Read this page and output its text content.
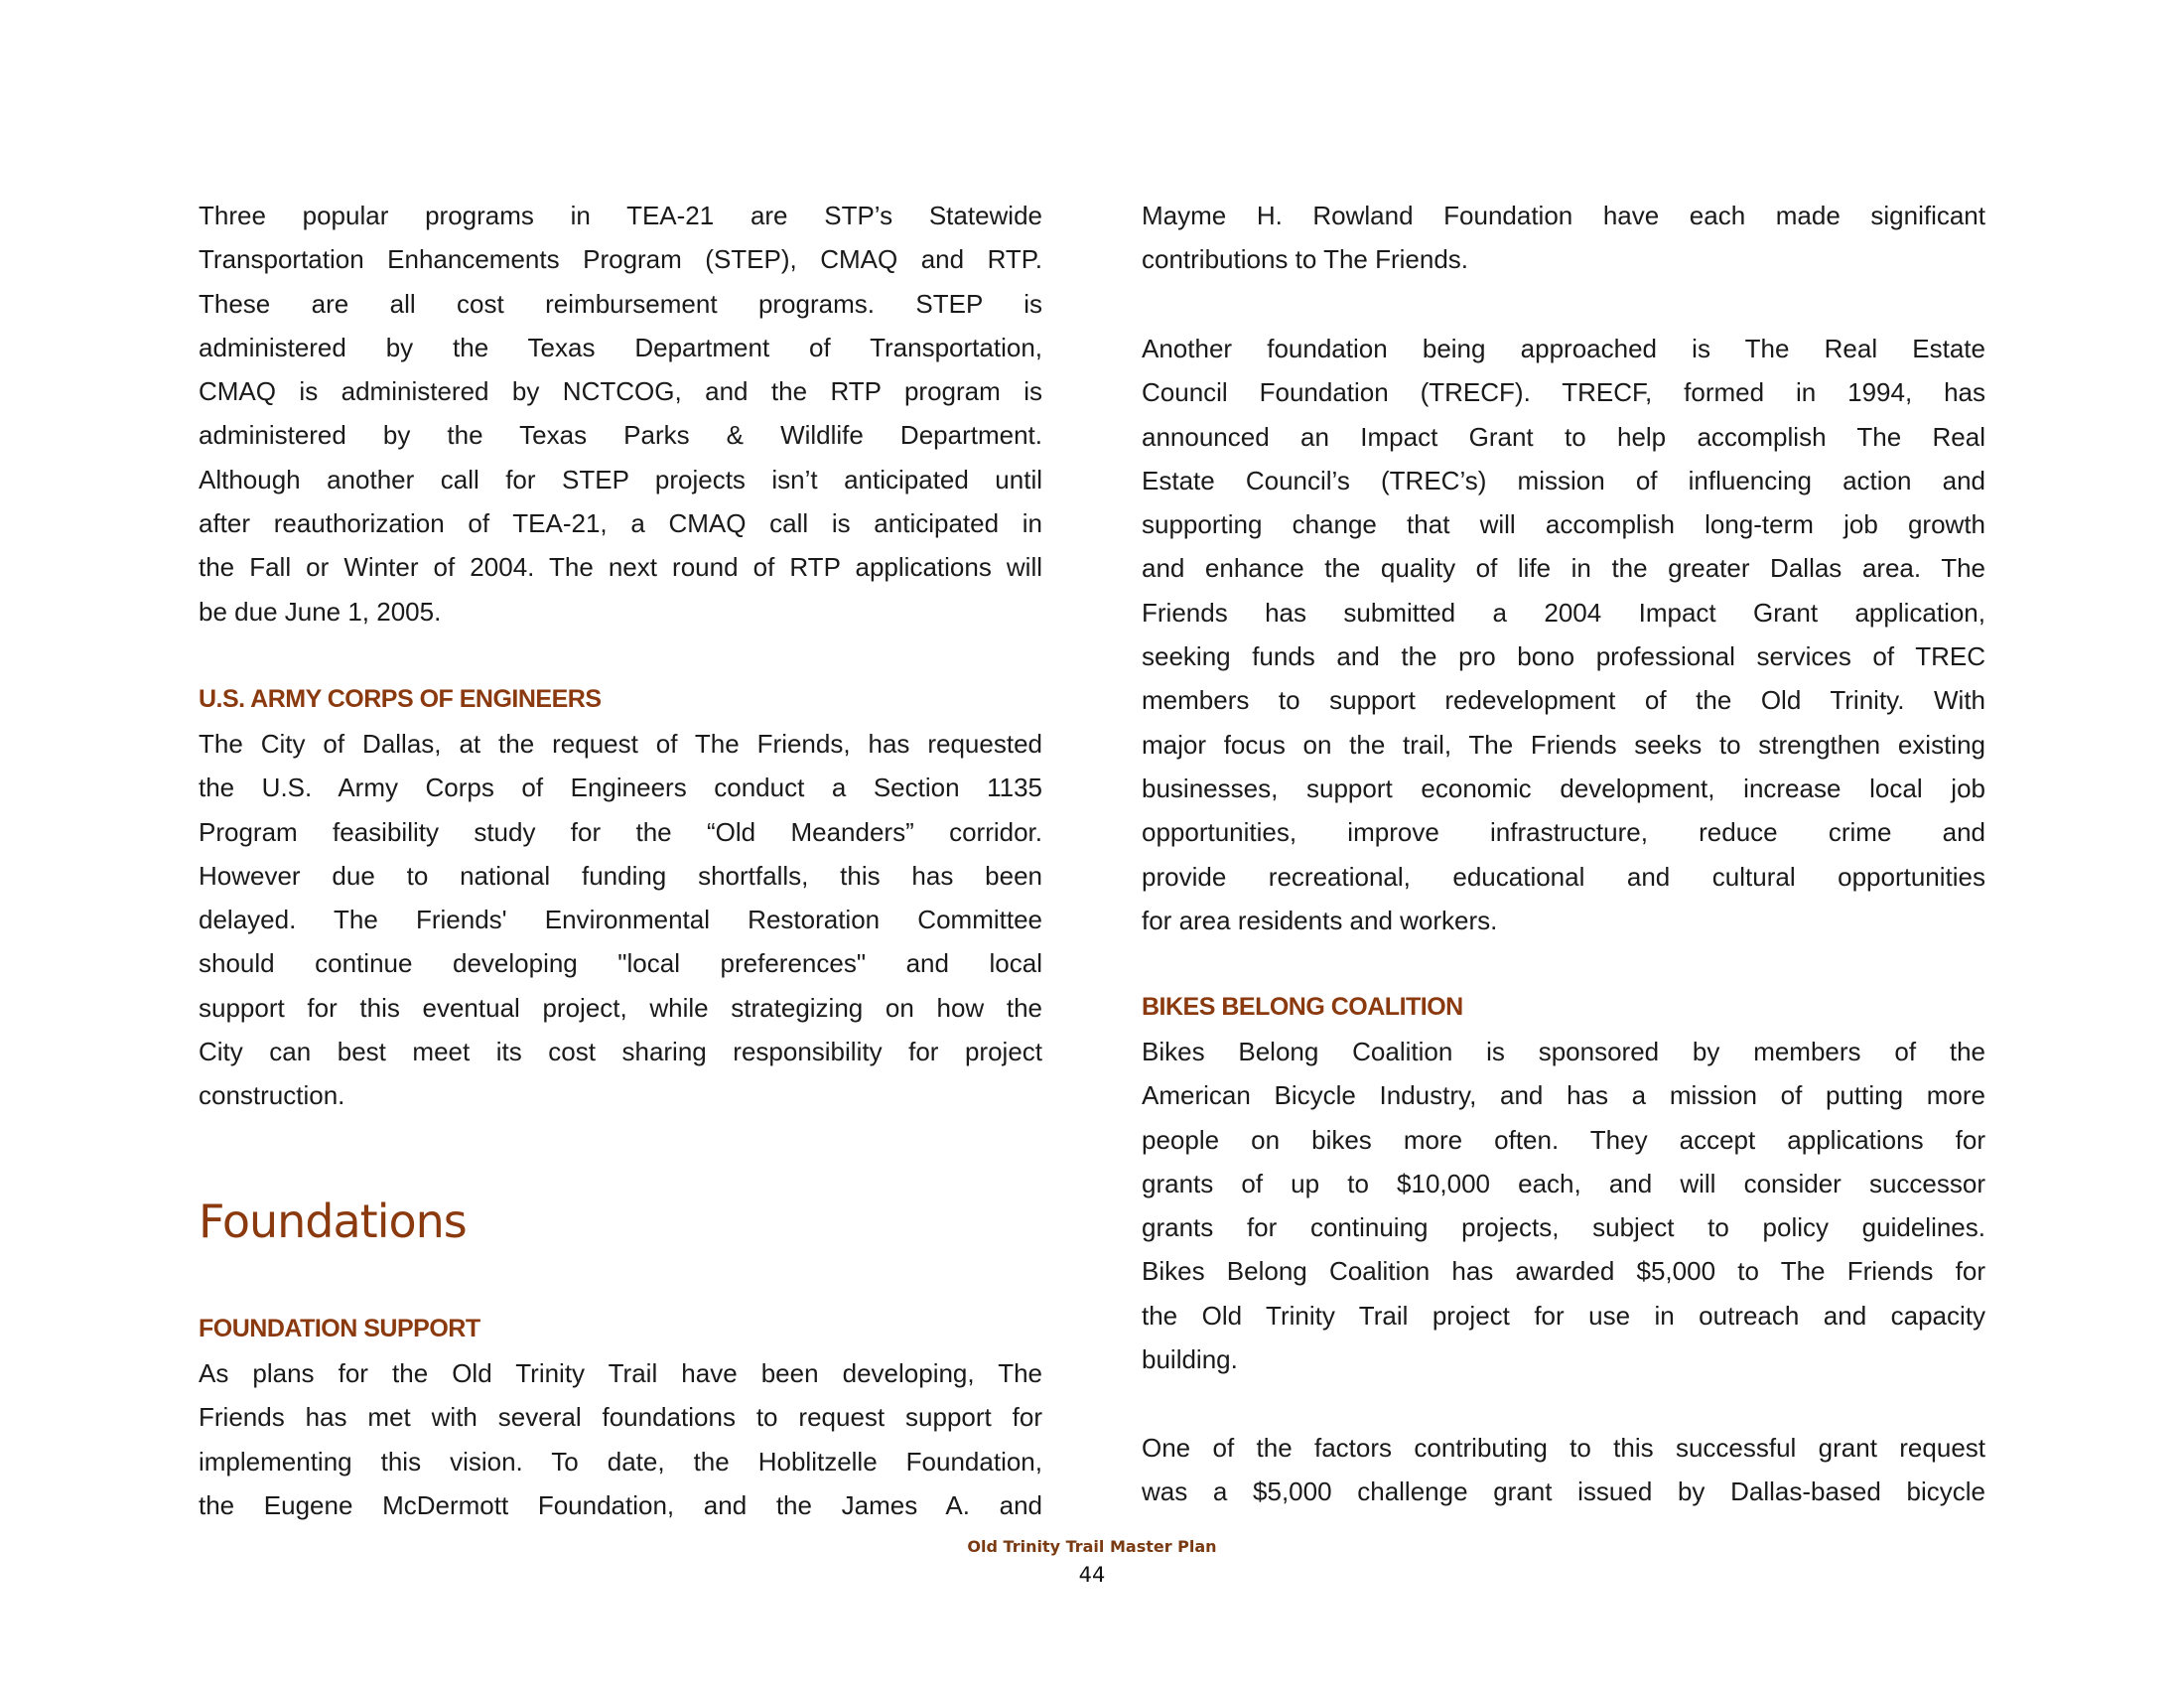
Three popular programs in TEA-21 are STP’s Statewide
Transportation Enhancements Program (STEP), CMAQ and RTP.
These are all cost reimbursement programs. STEP is
administered by the Texas Department of Transportation,
CMAQ is administered by NCTCOG, and the RTP program is
administered by the Texas Parks & Wildlife Department.
Although another call for STEP projects isn’t anticipated until
after reauthorization of TEA-21, a CMAQ call is anticipated in
the Fall or Winter of 2004. The next round of RTP applications will
be due June 1, 2005.
U.S. ARMY CORPS OF ENGINEERS
The City of Dallas, at the request of The Friends, has requested
the U.S. Army Corps of Engineers conduct a Section 1135
Program feasibility study for the “Old Meanders” corridor.
However due to national funding shortfalls, this has been
delayed. The Friends' Environmental Restoration Committee
should continue developing "local preferences" and local
support for this eventual project, while strategizing on how the
City can best meet its cost sharing responsibility for project
construction.
Foundations
FOUNDATION SUPPORT
As plans for the Old Trinity Trail have been developing, The
Friends has met with several foundations to request support for
implementing this vision. To date, the Hoblitzelle Foundation,
the Eugene McDermott Foundation, and the James A. and
Mayme H. Rowland Foundation have each made significant
contributions to The Friends.
Another foundation being approached is The Real Estate
Council Foundation (TRECF). TRECF, formed in 1994, has
announced an Impact Grant to help accomplish The Real
Estate Council’s (TREC’s) mission of influencing action and
supporting change that will accomplish long-term job growth
and enhance the quality of life in the greater Dallas area. The
Friends has submitted a 2004 Impact Grant application,
seeking funds and the pro bono professional services of TREC
members to support redevelopment of the Old Trinity. With
major focus on the trail, The Friends seeks to strengthen existing
businesses, support economic development, increase local job
opportunities, improve infrastructure, reduce crime and
provide recreational, educational and cultural opportunities
for area residents and workers.
BIKES BELONG COALITION
Bikes Belong Coalition is sponsored by members of the
American Bicycle Industry, and has a mission of putting more
people on bikes more often. They accept applications for
grants of up to $10,000 each, and will consider successor
grants for continuing projects, subject to policy guidelines.
Bikes Belong Coalition has awarded $5,000 to The Friends for
the Old Trinity Trail project for use in outreach and capacity
building.
One of the factors contributing to this successful grant request
was a $5,000 challenge grant issued by Dallas-based bicycle
Old Trinity Trail Master Plan
44
